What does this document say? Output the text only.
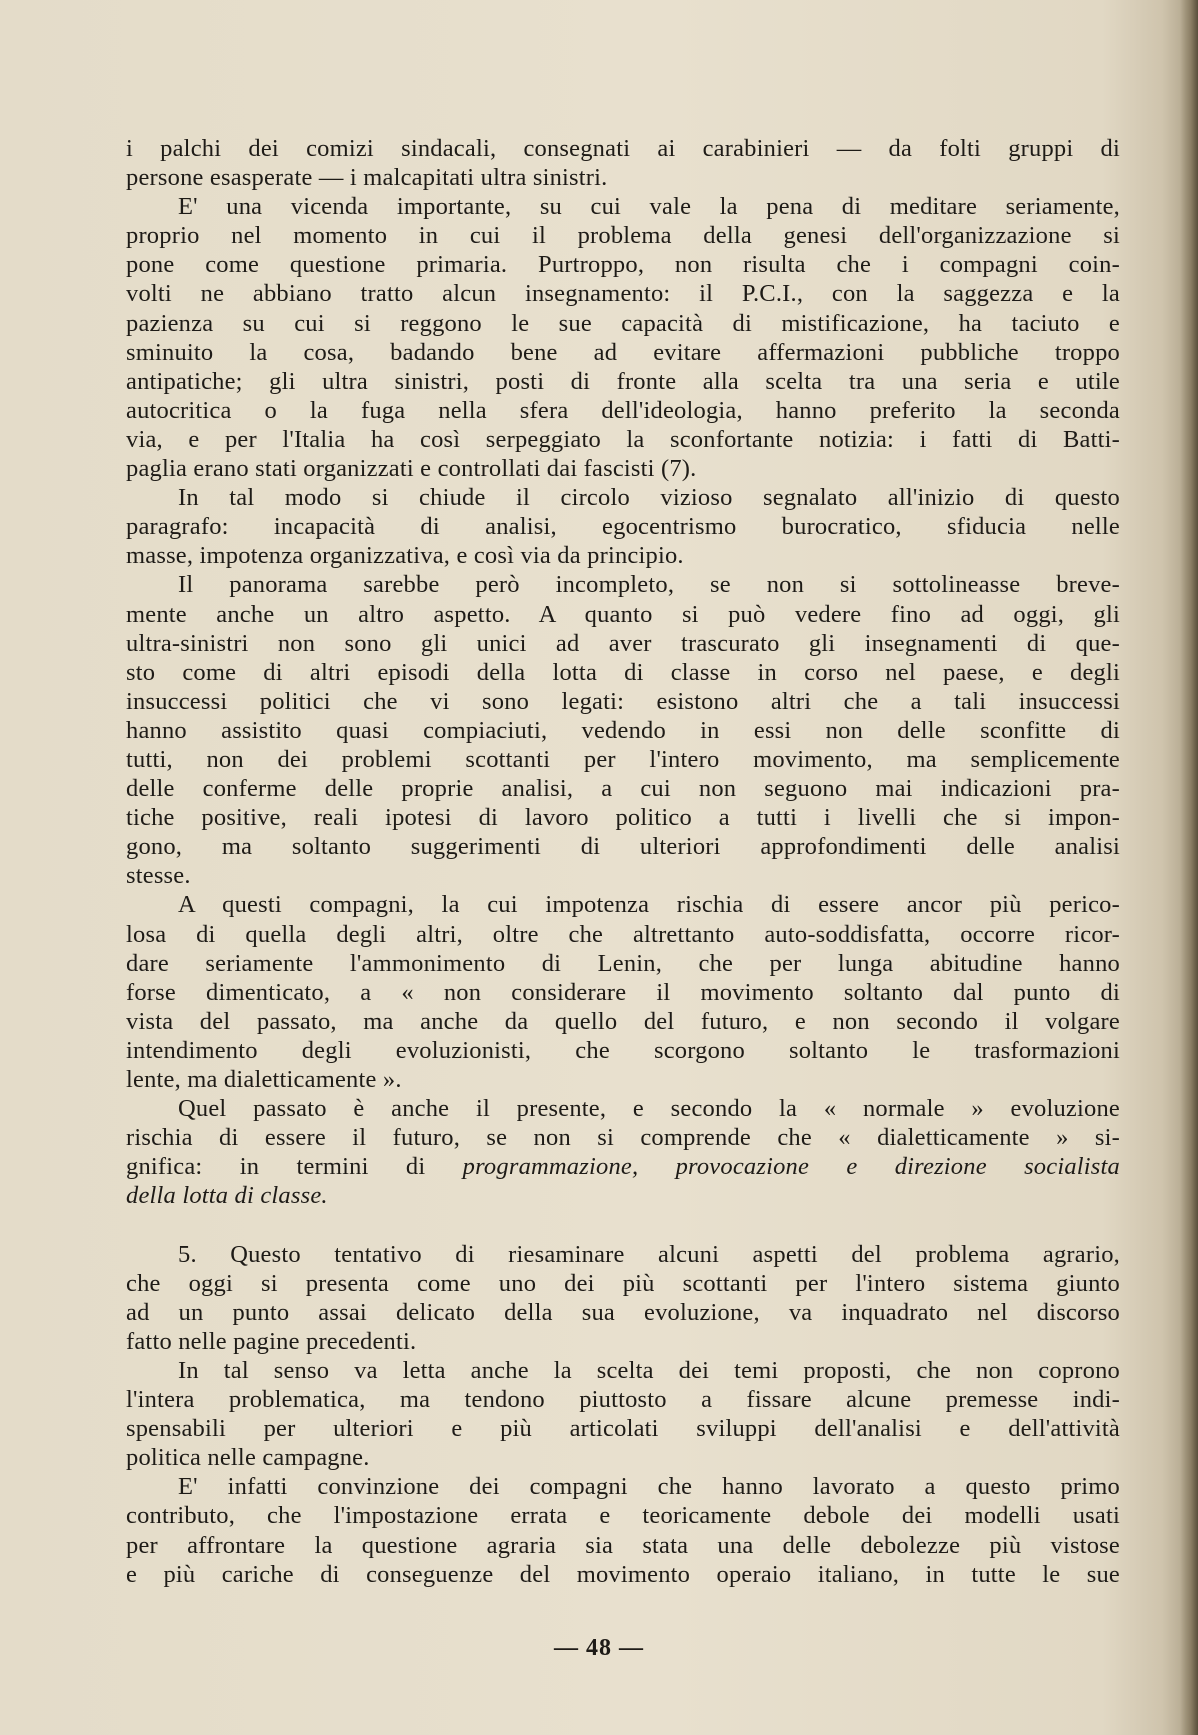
i palchi dei comizi sindacali, consegnati ai carabinieri — da folti gruppi di
persone esasperate — i malcapitati ultra sinistri.
E' una vicenda importante, su cui vale la pena di meditare seriamente,
proprio nel momento in cui il problema della genesi dell'organizzazione si
pone come questione primaria. Purtroppo, non risulta che i compagni coin-
volti ne abbiano tratto alcun insegnamento: il P.C.I., con la saggezza e la
pazienza su cui si reggono le sue capacità di mistificazione, ha taciuto e
sminuito la cosa, badando bene ad evitare affermazioni pubbliche troppo
antipatiche; gli ultra sinistri, posti di fronte alla scelta tra una seria e utile
autocritica o la fuga nella sfera dell'ideologia, hanno preferito la seconda
via, e per l'Italia ha così serpeggiato la sconfortante notizia: i fatti di Batti-
paglia erano stati organizzati e controllati dai fascisti (7).
In tal modo si chiude il circolo vizioso segnalato all'inizio di questo
paragrafo: incapacità di analisi, egocentrismo burocratico, sfiducia nelle
masse, impotenza organizzativa, e così via da principio.
Il panorama sarebbe però incompleto, se non si sottolineasse breve-
mente anche un altro aspetto. A quanto si può vedere fino ad oggi, gli
ultra-sinistri non sono gli unici ad aver trascurato gli insegnamenti di que-
sto come di altri episodi della lotta di classe in corso nel paese, e degli
insuccessi politici che vi sono legati: esistono altri che a tali insuccessi
hanno assistito quasi compiaciuti, vedendo in essi non delle sconfitte di
tutti, non dei problemi scottanti per l'intero movimento, ma semplicemente
delle conferme delle proprie analisi, a cui non seguono mai indicazioni pra-
tiche positive, reali ipotesi di lavoro politico a tutti i livelli che si impon-
gono, ma soltanto suggerimenti di ulteriori approfondimenti delle analisi
stesse.
A questi compagni, la cui impotenza rischia di essere ancor più perico-
losa di quella degli altri, oltre che altrettanto auto-soddisfatta, occorre ricor-
dare seriamente l'ammonimento di Lenin, che per lunga abitudine hanno
forse dimenticato, a « non considerare il movimento soltanto dal punto di
vista del passato, ma anche da quello del futuro, e non secondo il volgare
intendimento degli evoluzionisti, che scorgono soltanto le trasformazioni
lente, ma dialetticamente ».
Quel passato è anche il presente, e secondo la « normale » evoluzione
rischia di essere il futuro, se non si comprende che « dialetticamente » si-
gnifica: in termini di programmazione, provocazione e direzione socialista
della lotta di classe.
5. Questo tentativo di riesaminare alcuni aspetti del problema agrario,
che oggi si presenta come uno dei più scottanti per l'intero sistema giunto
ad un punto assai delicato della sua evoluzione, va inquadrato nel discorso
fatto nelle pagine precedenti.
In tal senso va letta anche la scelta dei temi proposti, che non coprono
l'intera problematica, ma tendono piuttosto a fissare alcune premesse indi-
spensabili per ulteriori e più articolati sviluppi dell'analisi e dell'attività
politica nelle campagne.
E' infatti convinzione dei compagni che hanno lavorato a questo primo
contributo, che l'impostazione errata e teoricamente debole dei modelli usati
per affrontare la questione agraria sia stata una delle debolezze più vistose
e più cariche di conseguenze del movimento operaio italiano, in tutte le sue
— 48 —
